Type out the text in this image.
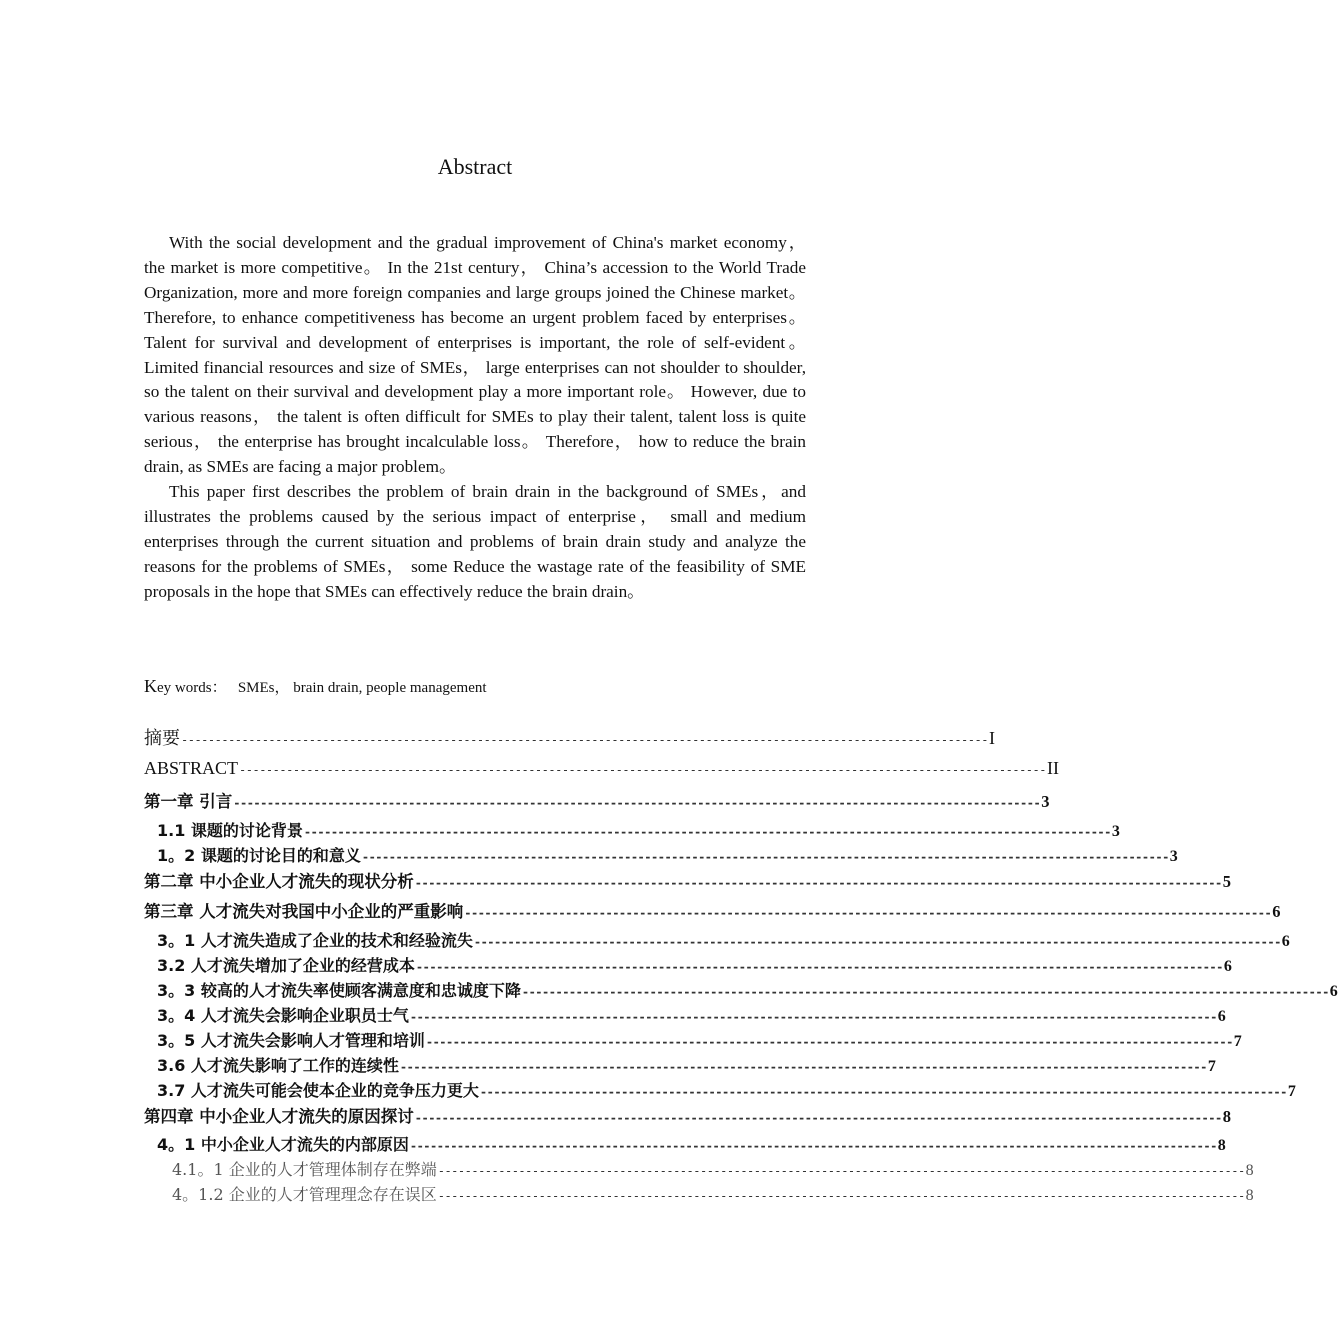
Abstract

With the social development and the gradual improvement of China's market economy， the market is more competitive。 In the 21st century， China’s accession to the World Trade Organization, more and more foreign companies and large groups joined the Chinese market。 Therefore, to enhance competitiveness has become an urgent problem faced by enterprises。 Talent for survival and development of enterprises is important, the role of self-evident。 Limited financial resources and size of SMEs， large enterprises can not shoulder to shoulder, so the talent on their survival and development play a more important role。 However, due to various reasons， the talent is often difficult for SMEs to play their talent, talent loss is quite serious， the enterprise has brought incalculable loss。 Therefore， how to reduce the brain drain, as SMEs are facing a major problem。

This paper first describes the problem of brain drain in the background of SMEs，and illustrates the problems caused by the serious impact of enterprise， small and medium enterprises through the current situation and problems of brain drain study and analyze the reasons for the problems of SMEs， some Reduce the wastage rate of the feasibility of SME proposals in the hope that SMEs can effectively reduce the brain drain。

Key words： SMEs， brain drain, people management
摘要 ------------------------------------------------------------------------------------------------------------------------ I
ABSTRACT ------------------------------------------------------------------------------------------------------------------------ II
第一章 引言 ------------------------------------------------------------------------------------------------------------------------ 3
1.1 课题的讨论背景 ------------------------------------------------------------------------------------------------------------------------ 3
1。2 课题的讨论目的和意义 ------------------------------------------------------------------------------------------------------------------------ 3
第二章 中小企业人才流失的现状分析 ------------------------------------------------------------------------------------------------------------------------ 5
第三章 人才流失对我国中小企业的严重影响 ------------------------------------------------------------------------------------------------------------------------ 6
3。1 人才流失造成了企业的技术和经验流失 ------------------------------------------------------------------------------------------------------------------------ 6
3.2 人才流失增加了企业的经营成本 ------------------------------------------------------------------------------------------------------------------------ 6
3。3 较高的人才流失率使顾客满意度和忠诚度下降 ------------------------------------------------------------------------------------------------------------------------ 6
3。4 人才流失会影响企业职员士气 ------------------------------------------------------------------------------------------------------------------------ 6
3。5 人才流失会影响人才管理和培训 ------------------------------------------------------------------------------------------------------------------------ 7
3.6 人才流失影响了工作的连续性 ------------------------------------------------------------------------------------------------------------------------ 7
3.7 人才流失可能会使本企业的竞争压力更大 ------------------------------------------------------------------------------------------------------------------------ 7
第四章 中小企业人才流失的原因探讨 ------------------------------------------------------------------------------------------------------------------------ 8
4。1 中小企业人才流失的内部原因 ------------------------------------------------------------------------------------------------------------------------ 8
4.1。1 企业的人才管理体制存在弊端 ------------------------------------------------------------------------------------------------------------------------ 8
4。1.2 企业的人才管理理念存在误区 ------------------------------------------------------------------------------------------------------------------------ 8
